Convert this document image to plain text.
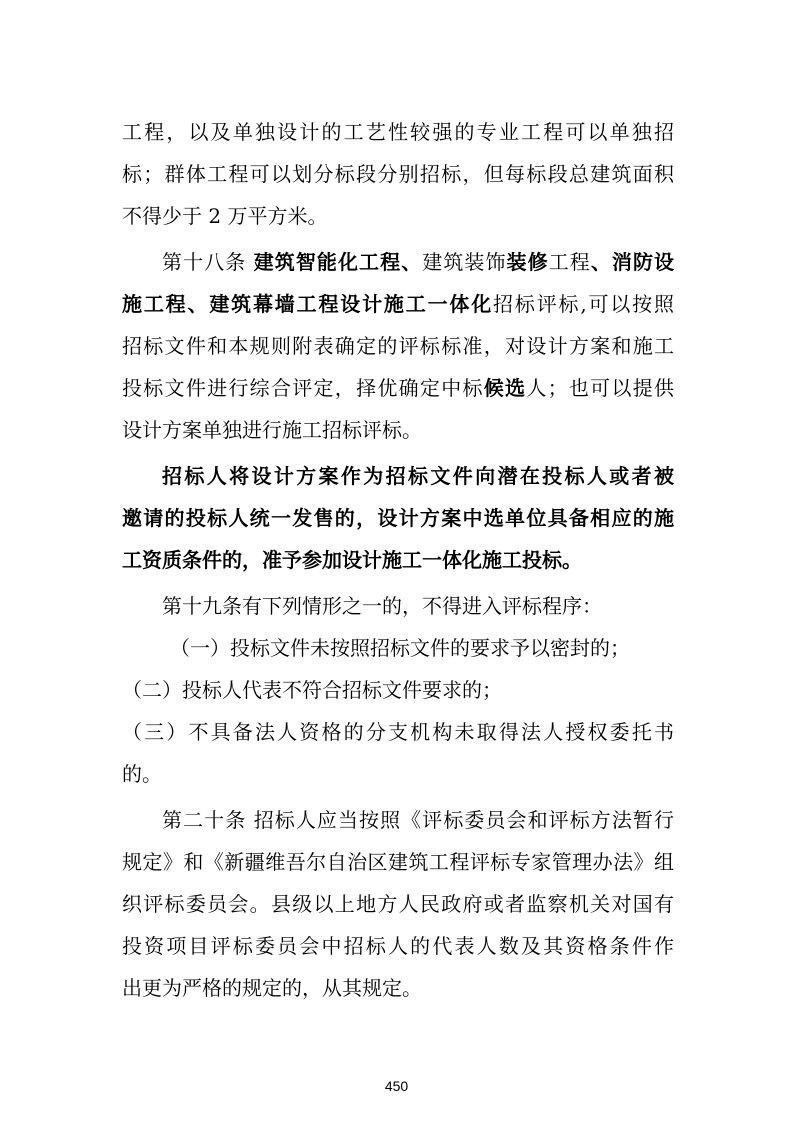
工程，以及单独设计的工艺性较强的专业工程可以单独招
标；群体工程可以划分标段分别招标，但每标段总建筑面积
不得少于 2 万平方米。
第十八条 建筑智能化工程、建筑装饰装修工程、消防设
施工程、建筑幕墙工程设计施工一体化招标评标,可以按照
招标文件和本规则附表确定的评标标准，对设计方案和施工
投标文件进行综合评定，择优确定中标候选人；也可以提供
设计方案单独进行施工招标评标。
招标人将设计方案作为招标文件向潜在投标人或者被
邀请的投标人统一发售的，设计方案中选单位具备相应的施
工资质条件的，准予参加设计施工一体化施工投标。
第十九条有下列情形之一的，不得进入评标程序：
（一）投标文件未按照招标文件的要求予以密封的；
（二）投标人代表不符合招标文件要求的；
（三）不具备法人资格的分支机构未取得法人授权委托书
的。
第二十条 招标人应当按照《评标委员会和评标方法暂行
规定》和《新疆维吾尔自治区建筑工程评标专家管理办法》组
织评标委员会。县级以上地方人民政府或者监察机关对国有
投资项目评标委员会中招标人的代表人数及其资格条件作
450
出更为严格的规定的，从其规定。
